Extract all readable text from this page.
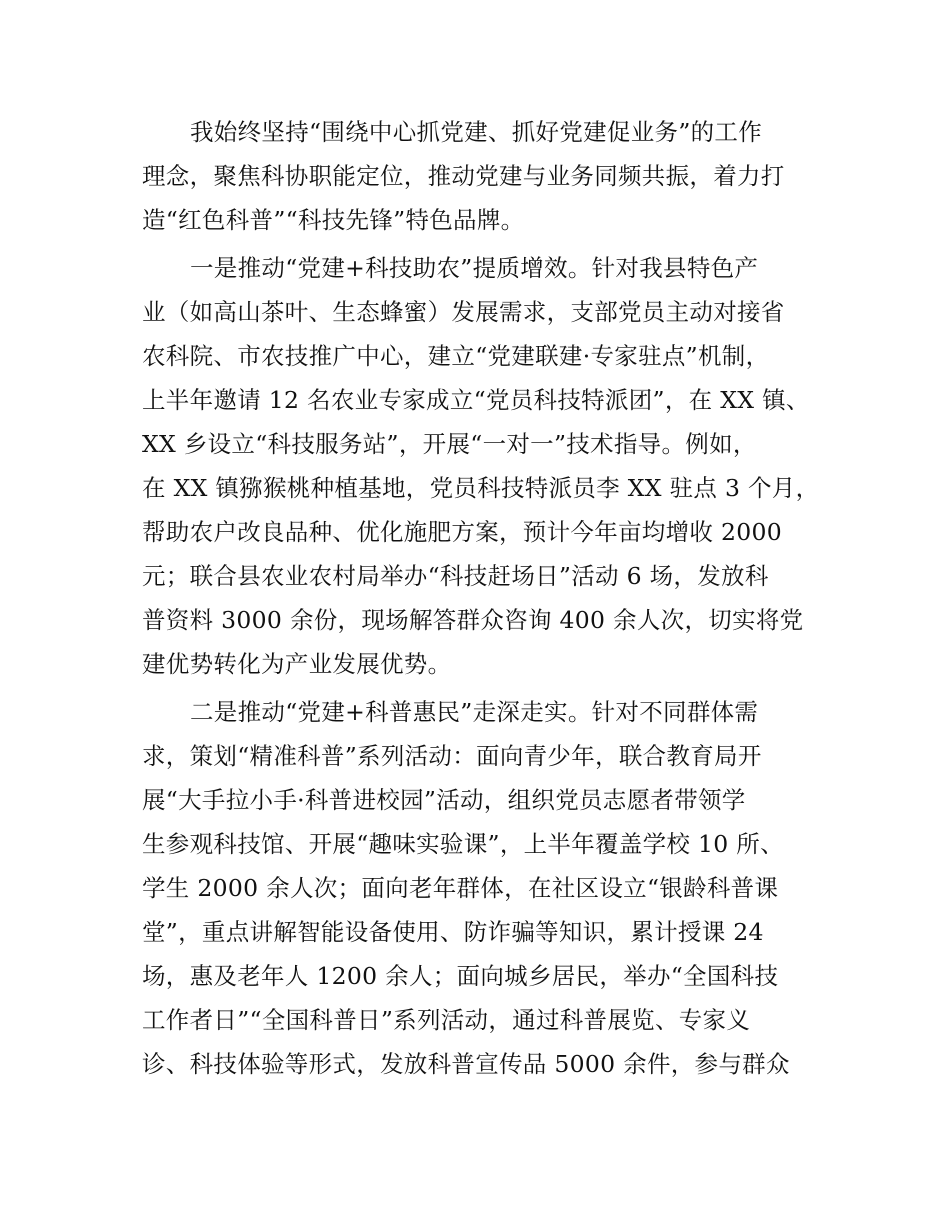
我始终坚持“围绕中心抓党建、抓好党建促业务”的工作
理念，聚焦科协职能定位，推动党建与业务同频共振，着力打
造“红色科普”“科技先锋”特色品牌。
一是推动“党建+科技助农”提质增效。针对我县特色产
业（如高山茶叶、生态蜂蜜）发展需求，支部党员主动对接省
农科院、市农技推广中心，建立“党建联建·专家驻点”机制，
上半年邀请 12 名农业专家成立“党员科技特派团”，在 XX 镇、
XX 乡设立“科技服务站”，开展“一对一”技术指导。例如，
在 XX 镇猕猴桃种植基地，党员科技特派员李 XX 驻点 3 个月，
帮助农户改良品种、优化施肥方案，预计今年亩均增收 2000
元；联合县农业农村局举办“科技赶场日”活动 6 场，发放科
普资料 3000 余份，现场解答群众咨询 400 余人次，切实将党
建优势转化为产业发展优势。
二是推动“党建+科普惠民”走深走实。针对不同群体需
求，策划“精准科普”系列活动：面向青少年，联合教育局开
展“大手拉小手·科普进校园”活动，组织党员志愿者带领学
生参观科技馆、开展“趣味实验课”，上半年覆盖学校 10 所、
学生 2000 余人次；面向老年群体，在社区设立“银龄科普课
堂”，重点讲解智能设备使用、防诈骗等知识，累计授课 24
场，惠及老年人 1200 余人；面向城乡居民，举办“全国科技
工作者日”“全国科普日”系列活动，通过科普展览、专家义
诊、科技体验等形式，发放科普宣传品 5000 余件，参与群众
